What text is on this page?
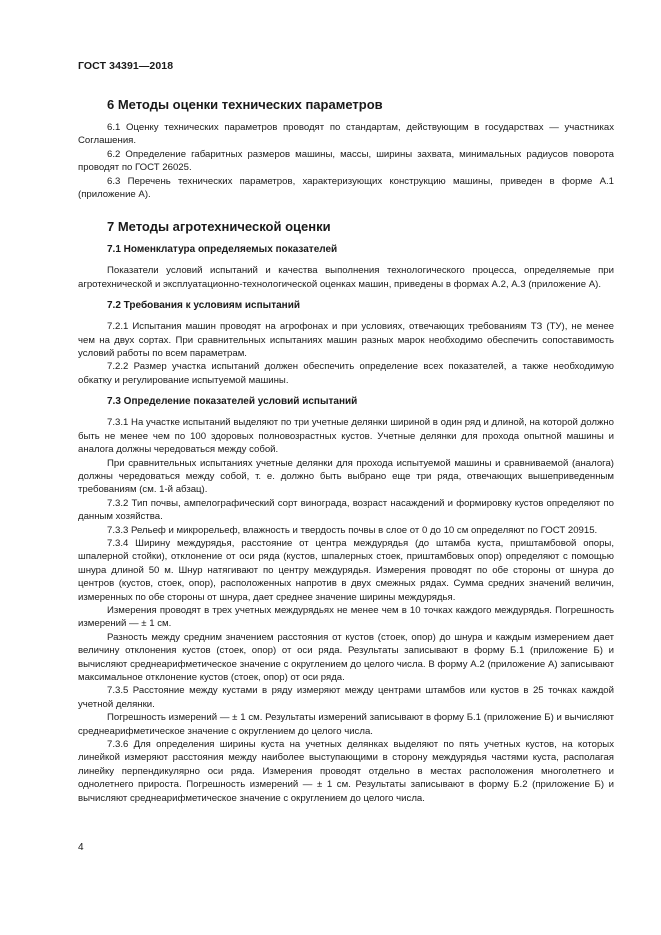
ГОСТ 34391—2018
6 Методы оценки технических параметров

6.1 Оценку технических параметров проводят по стандартам, действующим в государствах — участниках Соглашения.

6.2 Определение габаритных размеров машины, массы, ширины захвата, минимальных радиусов поворота проводят по ГОСТ 26025.

6.3 Перечень технических параметров, характеризующих конструкцию машины, приведен в форме А.1 (приложение А).

7 Методы агротехнической оценки
7.1 Номенклатура определяемых показателей

Показатели условий испытаний и качества выполнения технологического процесса, определяемые при агротехнической и эксплуатационно-технологической оценках машин, приведены в формах А.2, А.3 (приложение А).

7.2 Требования к условиям испытаний

7.2.1 Испытания машин проводят на агрофонах и при условиях, отвечающих требованиям ТЗ (ТУ), не менее чем на двух сортах. При сравнительных испытаниях машин разных марок необходимо обеспечить сопоставимость условий работы по всем параметрам.

7.2.2 Размер участка испытаний должен обеспечить определение всех показателей, а также необходимую обкатку и регулирование испытуемой машины.

7.3 Определение показателей условий испытаний

7.3.1 На участке испытаний выделяют по три учетные делянки шириной в один ряд и длиной, на которой должно быть не менее чем по 100 здоровых полновозрастных кустов. Учетные делянки для прохода опытной машины и аналога должны чередоваться между собой.

При сравнительных испытаниях учетные делянки для прохода испытуемой машины и сравниваемой (аналога) должны чередоваться между собой, т. е. должно быть выбрано еще три ряда, отвечающих вышеприведенным требованиям (см. 1-й абзац).

7.3.2 Тип почвы, ампелографический сорт винограда, возраст насаждений и формировку кустов определяют по данным хозяйства.

7.3.3 Рельеф и микрорельеф, влажность и твердость почвы в слое от 0 до 10 см определяют по ГОСТ 20915.

7.3.4 Ширину междурядья, расстояние от центра междурядья (до штамба куста, приштамбовой опоры, шпалерной стойки), отклонение от оси ряда (кустов, шпалерных стоек, приштамбовых опор) определяют с помощью шнура длиной 50 м. Шнур натягивают по центру междурядья. Измерения проводят по обе стороны от шнура до центров (кустов, стоек, опор), расположенных напротив в двух смежных рядах. Сумма средних значений величин, измеренных по обе стороны от шнура, дает среднее значение ширины междурядья.

Измерения проводят в трех учетных междурядьях не менее чем в 10 точках каждого междурядья. Погрешность измерений — ± 1 см.

Разность между средним значением расстояния от кустов (стоек, опор) до шнура и каждым измерением дает величину отклонения кустов (стоек, опор) от оси ряда. Результаты записывают в форму Б.1 (приложение Б) и вычисляют среднеарифметическое значение с округлением до целого числа. В форму А.2 (приложение А) записывают максимальное отклонение кустов (стоек, опор) от оси ряда.

7.3.5 Расстояние между кустами в ряду измеряют между центрами штамбов или кустов в 25 точках каждой учетной делянки.

Погрешность измерений — ± 1 см. Результаты измерений записывают в форму Б.1 (приложение Б) и вычисляют среднеарифметическое значение с округлением до целого числа.

7.3.6 Для определения ширины куста на учетных делянках выделяют по пять учетных кустов, на которых линейкой измеряют расстояния между наиболее выступающими в сторону междурядья частями куста, располагая линейку перпендикулярно оси ряда. Измерения проводят отдельно в местах расположения многолетнего и однолетнего прироста. Погрешность измерений — ± 1 см. Результаты записывают в форму Б.2 (приложение Б) и вычисляют среднеарифметическое значение с округлением до целого числа.

4
